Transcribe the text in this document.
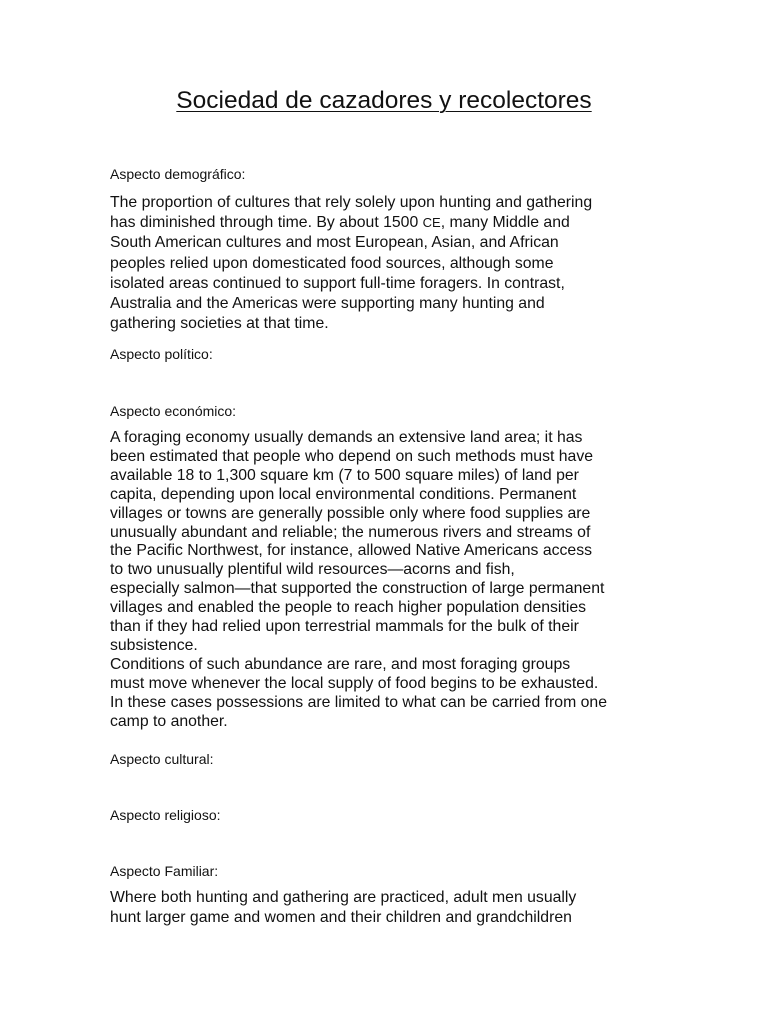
Sociedad de cazadores y recolectores

Aspecto demográfico:

The proportion of cultures that rely solely upon hunting and gathering
has diminished through time. By about 1500 CE, many Middle and
South American cultures and most European, Asian, and African
peoples relied upon domesticated food sources, although some
isolated areas continued to support full-time foragers. In contrast,
Australia and the Americas were supporting many hunting and
gathering societies at that time.

Aspecto político:

Aspecto económico:

A foraging economy usually demands an extensive land area; it has
been estimated that people who depend on such methods must have
available 18 to 1,300 square km (7 to 500 square miles) of land per
capita, depending upon local environmental conditions. Permanent
villages or towns are generally possible only where food supplies are
unusually abundant and reliable; the numerous rivers and streams of
the Pacific Northwest, for instance, allowed Native Americans access
to two unusually plentiful wild resources—acorns and fish,
especially salmon—that supported the construction of large permanent
villages and enabled the people to reach higher population densities
than if they had relied upon terrestrial mammals for the bulk of their
subsistence.
Conditions of such abundance are rare, and most foraging groups
must move whenever the local supply of food begins to be exhausted.
In these cases possessions are limited to what can be carried from one
camp to another.

Aspecto cultural:

Aspecto religioso:

Aspecto Familiar:

Where both hunting and gathering are practiced, adult men usually
hunt larger game and women and their children and grandchildren
